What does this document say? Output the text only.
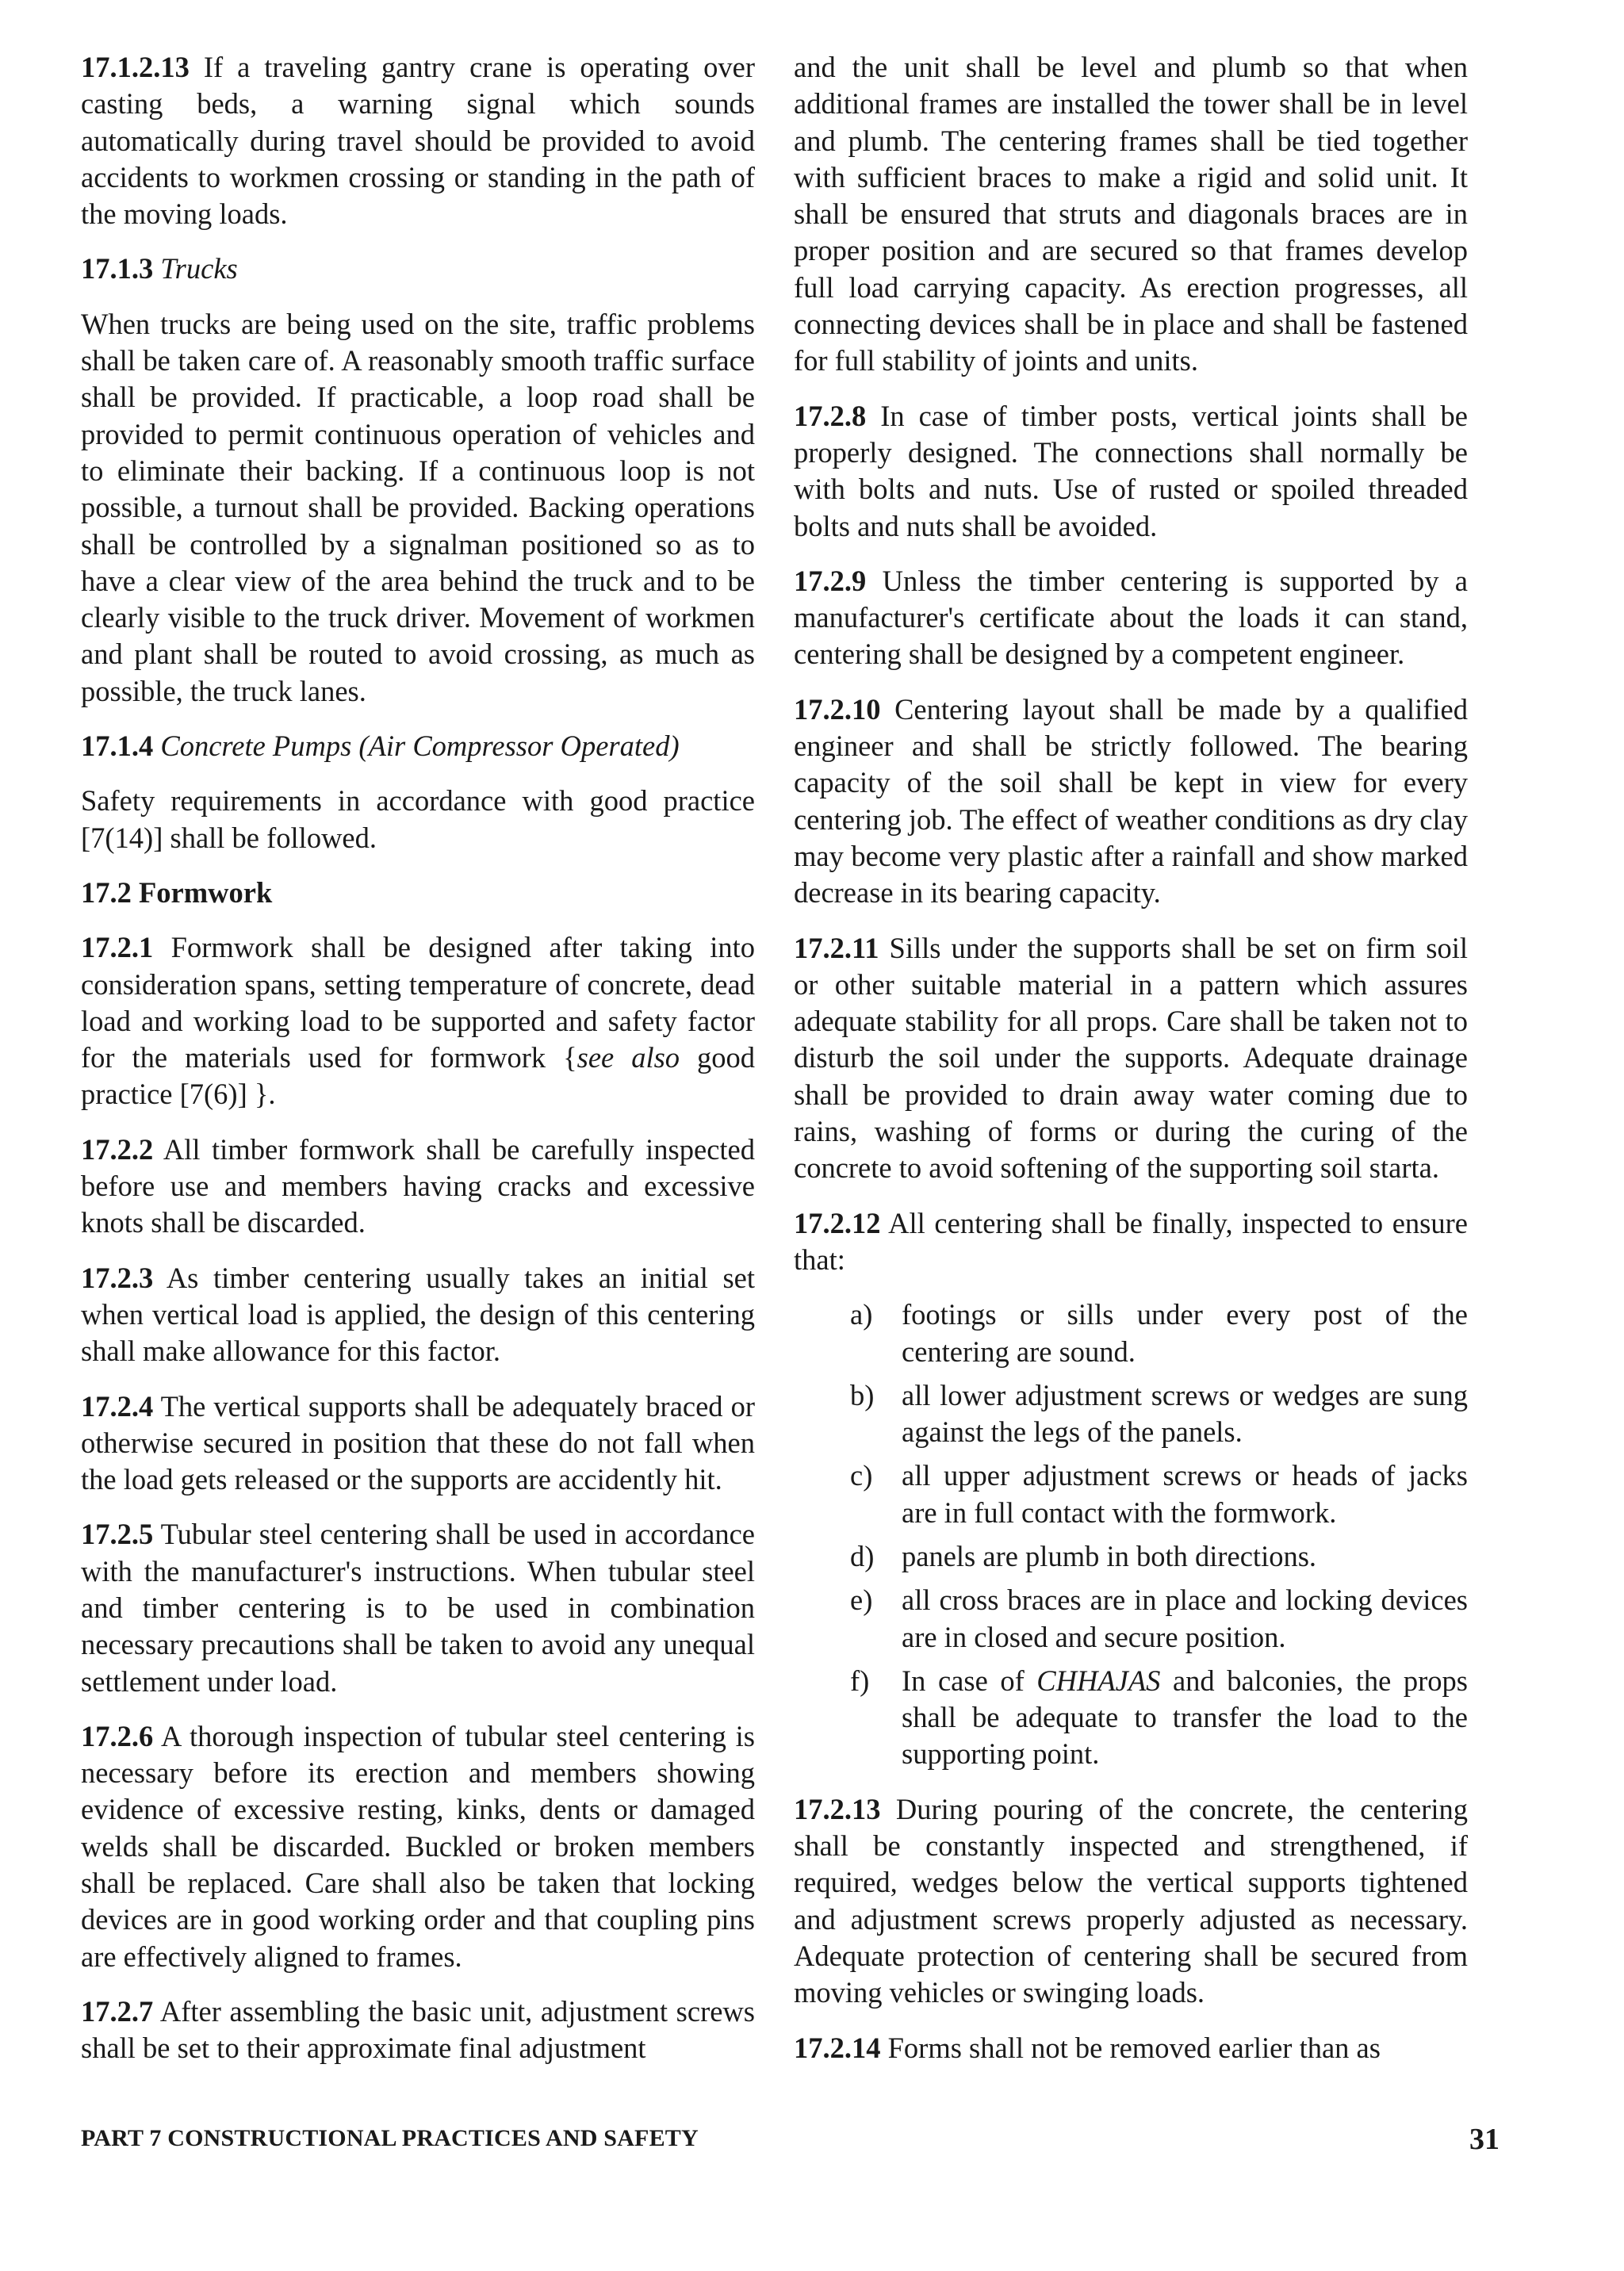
17.1.2.13 If a traveling gantry crane is operating over casting beds, a warning signal which sounds automatically during travel should be provided to avoid accidents to workmen crossing or standing in the path of the moving loads.

17.1.3 Trucks

When trucks are being used on the site, traffic problems shall be taken care of. A reasonably smooth traffic surface shall be provided. If practicable, a loop road shall be provided to permit continuous operation of vehicles and to eliminate their backing. If a continuous loop is not possible, a turnout shall be provided. Backing operations shall be controlled by a signalman positioned so as to have a clear view of the area behind the truck and to be clearly visible to the truck driver. Movement of workmen and plant shall be routed to avoid crossing, as much as possible, the truck lanes.

17.1.4 Concrete Pumps (Air Compressor Operated)

Safety requirements in accordance with good practice [7(14)] shall be followed.

17.2 Formwork

17.2.1 Formwork shall be designed after taking into consideration spans, setting temperature of concrete, dead load and working load to be supported and safety factor for the materials used for formwork {see also good practice [7(6)] }.

17.2.2 All timber formwork shall be carefully inspected before use and members having cracks and excessive knots shall be discarded.

17.2.3 As timber centering usually takes an initial set when vertical load is applied, the design of this centering shall make allowance for this factor.

17.2.4 The vertical supports shall be adequately braced or otherwise secured in position that these do not fall when the load gets released or the supports are accidently hit.

17.2.5 Tubular steel centering shall be used in accordance with the manufacturer's instructions. When tubular steel and timber centering is to be used in combination necessary precautions shall be taken to avoid any unequal settlement under load.

17.2.6 A thorough inspection of tubular steel centering is necessary before its erection and members showing evidence of excessive resting, kinks, dents or damaged welds shall be discarded. Buckled or broken members shall be replaced. Care shall also be taken that locking devices are in good working order and that coupling pins are effectively aligned to frames.

17.2.7 After assembling the basic unit, adjustment screws shall be set to their approximate final adjustment

and the unit shall be level and plumb so that when additional frames are installed the tower shall be in level and plumb. The centering frames shall be tied together with sufficient braces to make a rigid and solid unit. It shall be ensured that struts and diagonals braces are in proper position and are secured so that frames develop full load carrying capacity. As erection progresses, all connecting devices shall be in place and shall be fastened for full stability of joints and units.

17.2.8 In case of timber posts, vertical joints shall be properly designed. The connections shall normally be with bolts and nuts. Use of rusted or spoiled threaded bolts and nuts shall be avoided.

17.2.9 Unless the timber centering is supported by a manufacturer's certificate about the loads it can stand, centering shall be designed by a competent engineer.

17.2.10 Centering layout shall be made by a qualified engineer and shall be strictly followed. The bearing capacity of the soil shall be kept in view for every centering job. The effect of weather conditions as dry clay may become very plastic after a rainfall and show marked decrease in its bearing capacity.

17.2.11 Sills under the supports shall be set on firm soil or other suitable material in a pattern which assures adequate stability for all props. Care shall be taken not to disturb the soil under the supports. Adequate drainage shall be provided to drain away water coming due to rains, washing of forms or during the curing of the concrete to avoid softening of the supporting soil starta.

17.2.12 All centering shall be finally, inspected to ensure that:

a) footings or sills under every post of the centering are sound.
b) all lower adjustment screws or wedges are sung against the legs of the panels.
c) all upper adjustment screws or heads of jacks are in full contact with the formwork.
d) panels are plumb in both directions.
e) all cross braces are in place and locking devices are in closed and secure position.
f) In case of CHHAJAS and balconies, the props shall be adequate to transfer the load to the supporting point.

17.2.13 During pouring of the concrete, the centering shall be constantly inspected and strengthened, if required, wedges below the vertical supports tightened and adjustment screws properly adjusted as necessary. Adequate protection of centering shall be secured from moving vehicles or swinging loads.

17.2.14 Forms shall not be removed earlier than as

PART 7 CONSTRUCTIONAL PRACTICES AND SAFETY	31
